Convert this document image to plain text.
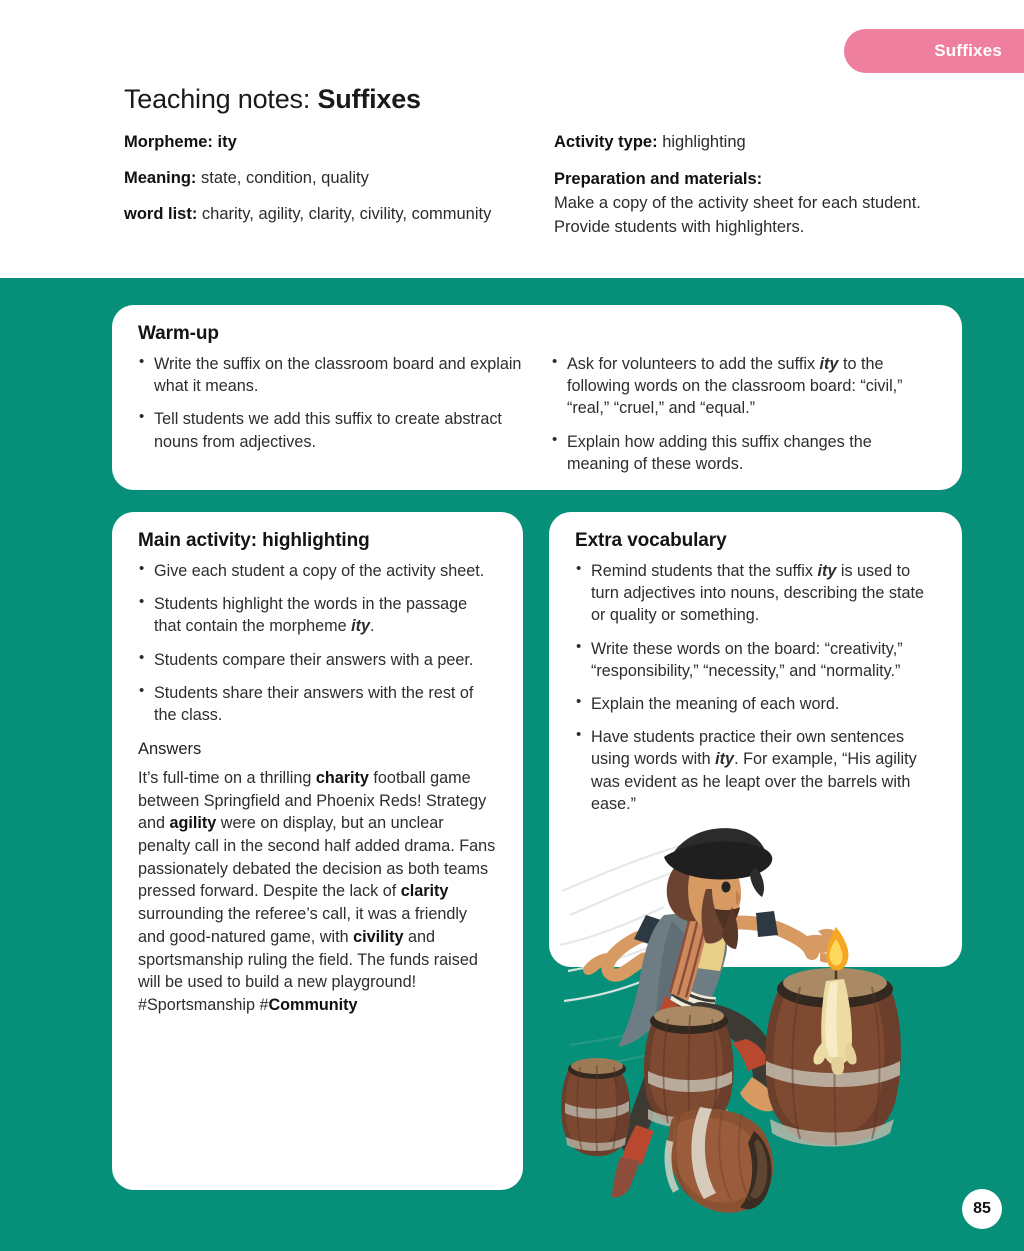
Suffixes
Teaching notes: Suffixes

Morpheme: ity

Meaning: state, condition, quality

word list: charity, agility, clarity, civility, community

Activity type: highlighting

Preparation and materials:
Make a copy of the activity sheet for each student. Provide students with highlighters.

Warm-up
• Write the suffix on the classroom board and explain what it means.
• Tell students we add this suffix to create abstract nouns from adjectives.
• Ask for volunteers to add the suffix ity to the following words on the classroom board: “civil,” “real,” “cruel,” and “equal.”
• Explain how adding this suffix changes the meaning of these words.
Main activity: highlighting
• Give each student a copy of the activity sheet.
• Students highlight the words in the passage that contain the morpheme ity.
• Students compare their answers with a peer.
• Students share their answers with the rest of the class.
Answers

It’s full-time on a thrilling charity football game between Springfield and Phoenix Reds! Strategy and agility were on display, but an unclear penalty call in the second half added drama. Fans passionately debated the decision as both teams pressed forward. Despite the lack of clarity surrounding the referee’s call, it was a friendly and good-natured game, with civility and sportsmanship ruling the field. The funds raised will be used to build a new playground! #Sportsmanship #Community

Extra vocabulary
• Remind students that the suffix ity is used to turn adjectives into nouns, describing the state or quality or something.
• Write these words on the board: “creativity,” “responsibility,” “necessity,” and “normality.”
• Explain the meaning of each word.
• Have students practice their own sentences using words with ity. For example, “His agility was evident as he leapt over the barrels with ease.”
85
